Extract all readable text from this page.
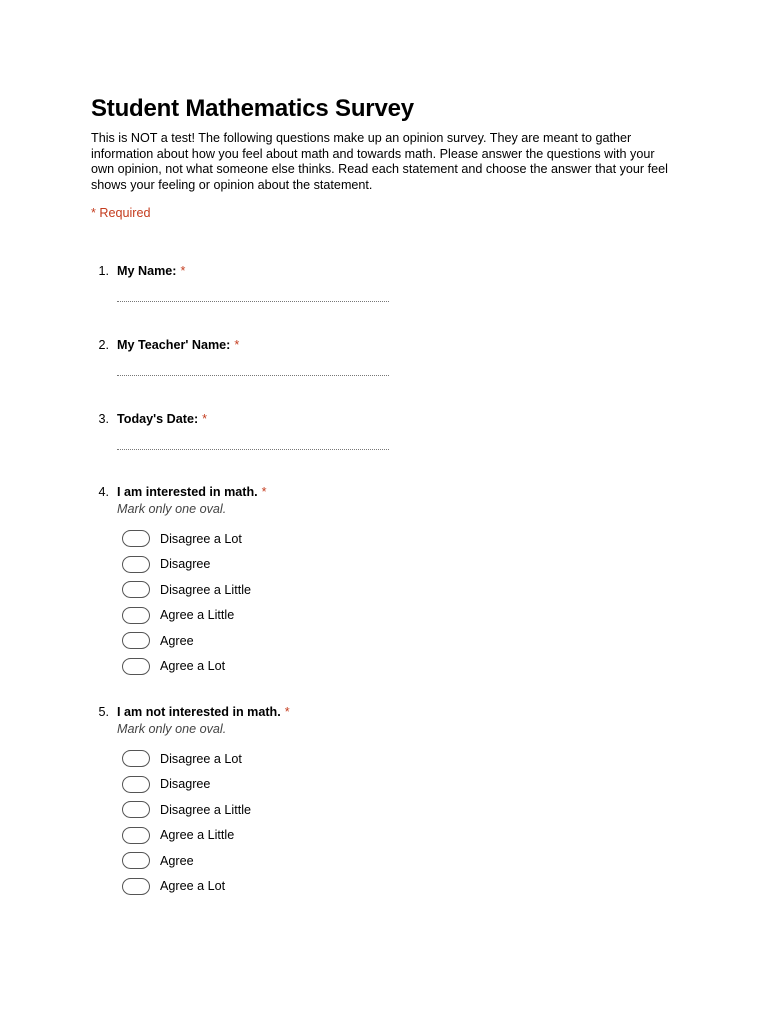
Student Mathematics Survey

This is NOT a test! The following questions make up an opinion survey. They are meant to gather information about how you feel about math and towards math. Please answer the questions with your own opinion, not what someone else thinks. Read each statement and choose the answer that your feel shows your feeling or opinion about the statement.

* Required

1. My Name: *
2. My Teacher' Name: *
3. Today's Date: *
4. I am interested in math. *
Mark only one oval.
Disagree a Lot
Disagree
Disagree a Little
Agree a Little
Agree
Agree a Lot
5. I am not interested in math. *
Mark only one oval.
Disagree a Lot
Disagree
Disagree a Little
Agree a Little
Agree
Agree a Lot
